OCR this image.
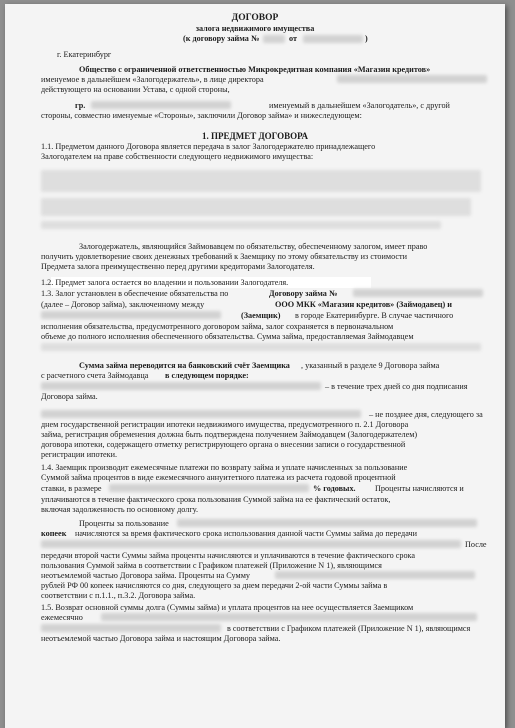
ДОГОВОР
залога недвижимого имущества
(к договору займа №	от	)
г. Екатеринбург
Общество с ограниченной ответственностью Микрокредитная компания «Магазин кредитов»
именуемое в дальнейшем «Залогодержатель», в лице директора
действующего на основании Устава, с одной стороны,
гр.	именуемый в дальнейшем «Залогодатель», с другой
стороны, совместно именуемые «Стороны», заключили Договор займа» и нижеследующем:
1. ПРЕДМЕТ ДОГОВОРА
1.1. Предметом данного Договора является передача в залог Залогодержателю принадлежащего
Залогодателем на праве собственности следующего недвижимого имущества:
Залогодержатель, являющийся Займовавцем по обязательству, обеспеченному залогом, имеет право
получить удовлетворение своих денежных требований к Заемщику по этому обязательству из стоимости
Предмета залога преимущественно перед другими кредиторами Залогодателя.
1.2. Предмет залога остается во владении и пользовании Залогодателя.
1.3. Залог установлен в обеспечение обязательства по	Договору займа №
(далее – Договор займа), заключенному между	ООО МКК «Магазин кредитов» (Займодавец) и
(Заемщик) в городе Екатеринбурге. В случае частичного
исполнения обязательства, предусмотренного договором займа, залог сохраняется в первоначальном
объеме до полного исполнения обеспеченного обязательства. Сумма займа, предоставляемая Займодавцем
Сумма займа переводится на банковский счёт Заемщика , указанный в разделе 9 Договора займа
с расчетного счета Займодавца в следующем порядке:
– в течение трех дней со дня подписания
Договора займа.
– не позднее дня, следующего за
днем государственной регистрации ипотеки недвижимого имущества, предусмотренного п. 2.1 Договора
займа, регистрация обременения должна быть подтверждена получением Займодавцем (Залогодержателем)
договора ипотеки, содержащего отметку регистрирующего органа о внесении записи о государственной
регистрации ипотеки.
1.4. Заемщик производит ежемесячные платежи по возврату займа и уплате начисленных за пользование
Суммой займа процентов в виде ежемесячного аннуитетного платежа из расчета годовой процентной
ставки, в размере	% годовых. Проценты начисляются и
уплачиваются в течение фактического срока пользования Суммой займа на ее фактический остаток,
включая задолженность по основному долгу.
Проценты за пользование
копеек начисляются за время фактического срока использования данной части Суммы займа до передачи
После
передачи второй части Суммы займа проценты начисляются и уплачиваются в течение фактического срока
пользования Суммой займа в соответствии с Графиком платежей (Приложение N 1), являющимся
неотъемлемой частью Договора займа. Проценты на Сумму
рублей РФ 00 копеек начисляются со дня, следующего за днем передачи 2-ой части Суммы займа в
соответствии с п.1.1., п.3.2. Договора займа.
1.5. Возврат основной суммы долга (Суммы займа) и уплата процентов на нее осуществляется Заемщиком
ежемесячно
в соответствии с Графиком платежей (Приложение N 1), являющимся
неотъемлемой частью Договора займа и настоящим Договора займа.
